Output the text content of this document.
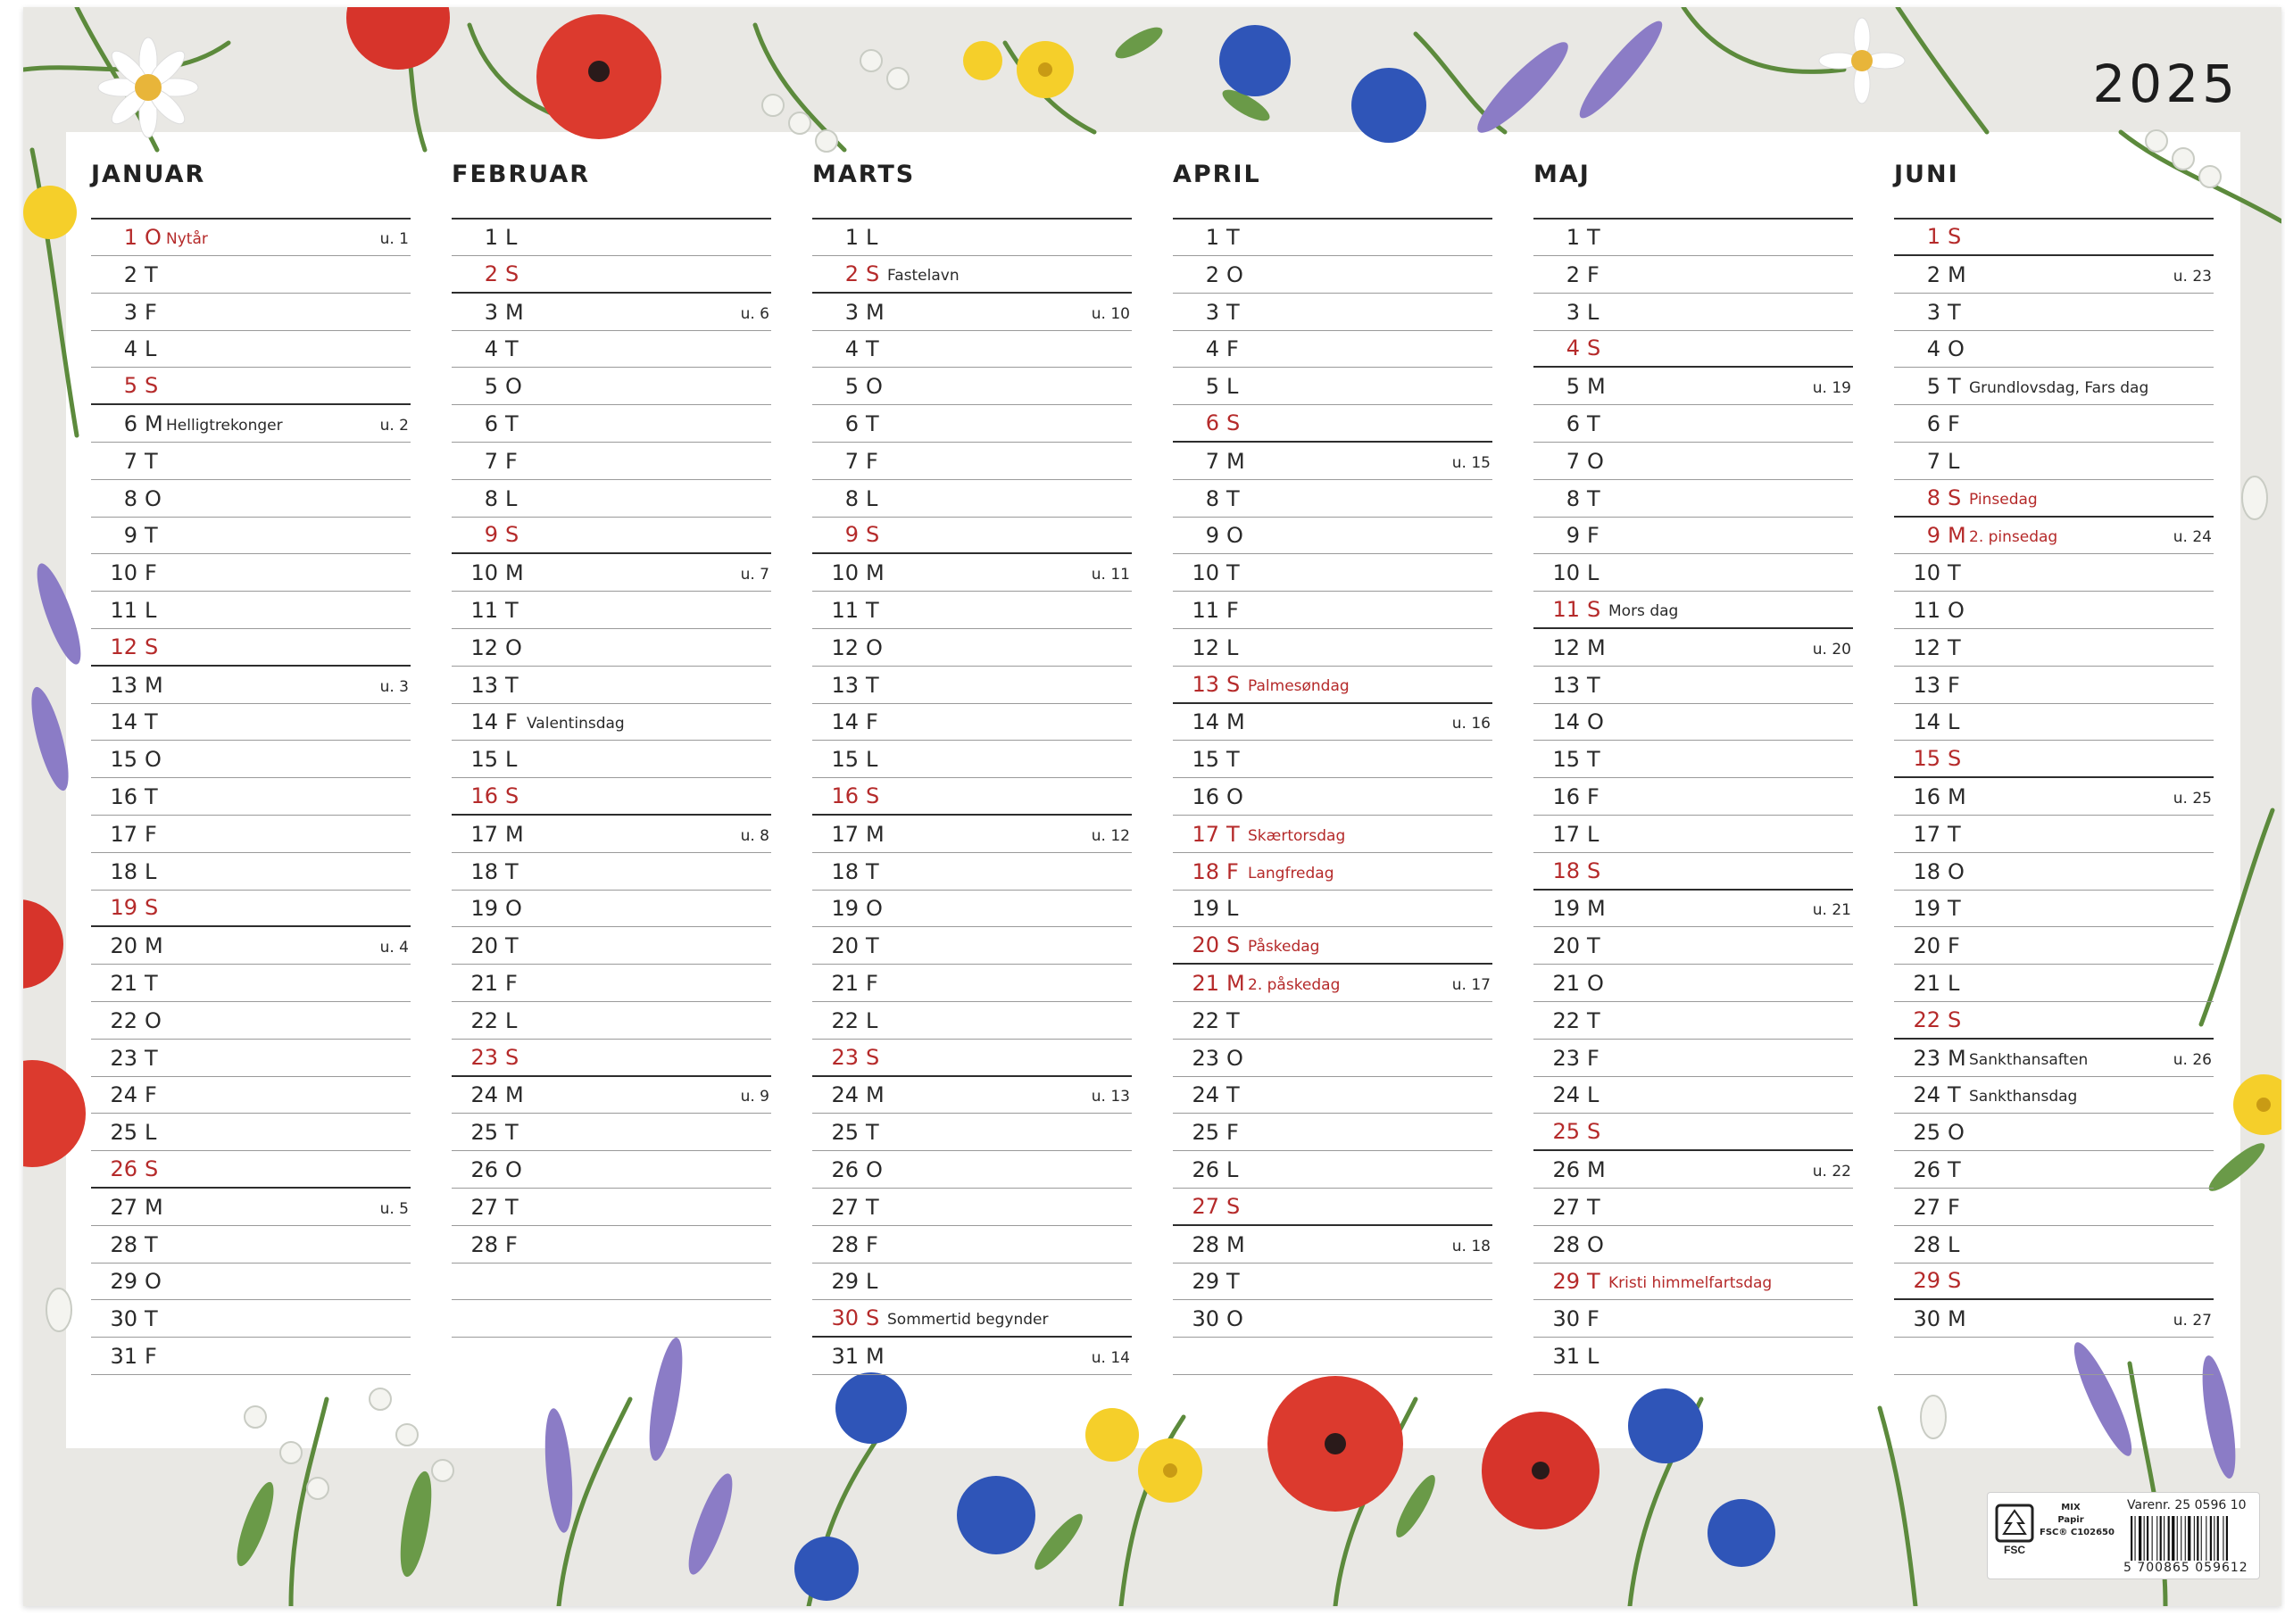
2025
JANUAR
1 O Nytår	u. 1
2 T
3 F
4 L
5 S
6 M Helligtrekonger	u. 2
7 T
8 O
9 T
10 F
11 L
12 S
13 M	u. 3
14 T
15 O
16 T
17 F
18 L
19 S
20 M	u. 4
21 T
22 O
23 T
24 F
25 L
26 S
27 M	u. 5
28 T
29 O
30 T
31 F
FEBRUAR
1 L
2 S
3 M	u. 6
4 T
5 O
6 T
7 F
8 L
9 S
10 M	u. 7
11 T
12 O
13 T
14 F Valentinsdag
15 L
16 S
17 M	u. 8
18 T
19 O
20 T
21 F
22 L
23 S
24 M	u. 9
25 T
26 O
27 T
28 F
MARTS
1 L
2 S Fastelavn
3 M	u. 10
4 T
5 O
6 T
7 F
8 L
9 S
10 M	u. 11
11 T
12 O
13 T
14 F
15 L
16 S
17 M	u. 12
18 T
19 O
20 T
21 F
22 L
23 S
24 M	u. 13
25 T
26 O
27 T
28 F
29 L
30 S Sommertid begynder
31 M	u. 14
APRIL
1 T
2 O
3 T
4 F
5 L
6 S
7 M	u. 15
8 T
9 O
10 T
11 F
12 L
13 S Palmesøndag
14 M	u. 16
15 T
16 O
17 T Skærtorsdag
18 F Langfredag
19 L
20 S Påskedag
21 M 2. påskedag	u. 17
22 T
23 O
24 T
25 F
26 L
27 S
28 M	u. 18
29 T
30 O
MAJ
1 T
2 F
3 L
4 S
5 M	u. 19
6 T
7 O
8 T
9 F
10 L
11 S Mors dag
12 M	u. 20
13 T
14 O
15 T
16 F
17 L
18 S
19 M	u. 21
20 T
21 O
22 T
23 F
24 L
25 S
26 M	u. 22
27 T
28 O
29 T Kristi himmelfartsdag
30 F
31 L
JUNI
1 S
2 M	u. 23
3 T
4 O
5 T Grundlovsdag, Fars dag
6 F
7 L
8 S Pinsedag
9 M 2. pinsedag	u. 24
10 T
11 O
12 T
13 F
14 L
15 S
16 M	u. 25
17 T
18 O
19 T
20 F
21 L
22 S
23 M Sankthansaften	u. 26
24 T Sankthansdag
25 O
26 T
27 F
28 L
29 S
30 M	u. 27
FSC
MIX
Papir
FSC® C102650
Varenr. 25 0596 10
5 700865 059612
